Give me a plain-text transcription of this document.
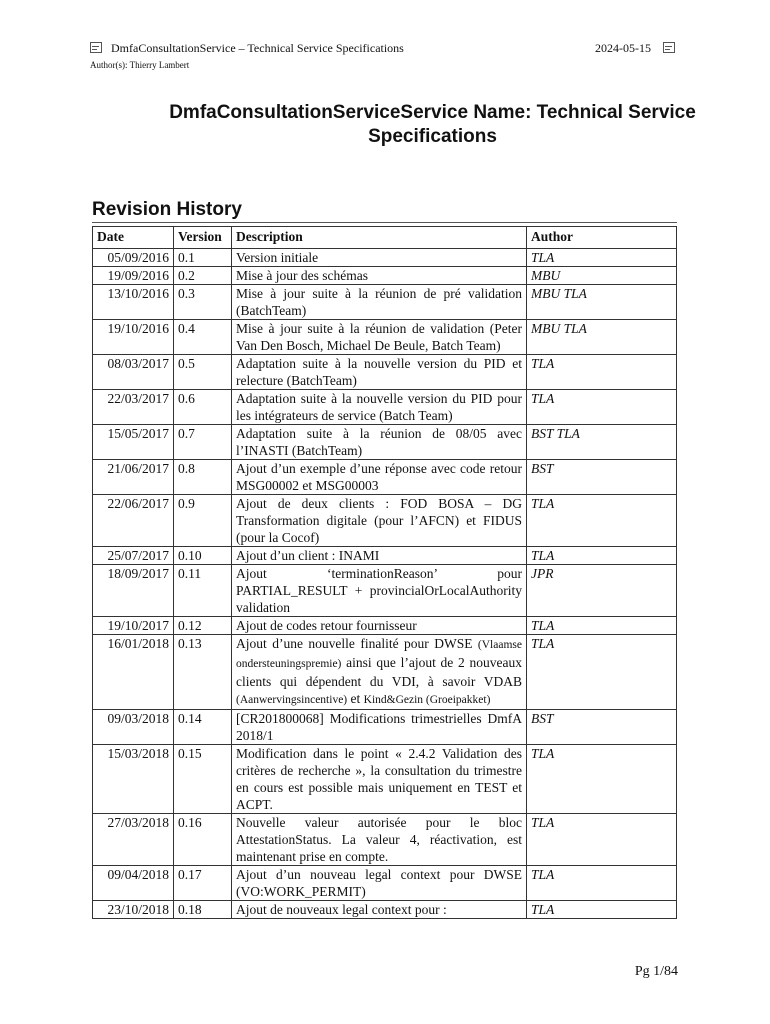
DmfaConsultationService – Technical Service Specifications	2024-05-15
Author(s): Thierry Lambert
DmfaConsultationServiceService Name: Technical Service Specifications
Revision History
Date	Version	Description	Author
05/09/2016	0.1	Version initiale	TLA
19/09/2016	0.2	Mise à jour des schémas	MBU
13/10/2016	0.3	Mise à jour suite à la réunion de pré validation (BatchTeam)	MBU TLA
19/10/2016	0.4	Mise à jour suite à la réunion de validation (Peter Van Den Bosch, Michael De Beule, Batch Team)	MBU TLA
08/03/2017	0.5	Adaptation suite à la nouvelle version du PID et relecture (BatchTeam)	TLA
22/03/2017	0.6	Adaptation suite à la nouvelle version du PID pour les intégrateurs de service (Batch Team)	TLA
15/05/2017	0.7	Adaptation suite à la réunion de 08/05 avec l’INASTI (BatchTeam)	BST TLA
21/06/2017	0.8	Ajout d’un exemple d’une réponse avec code retour MSG00002 et MSG00003	BST
22/06/2017	0.9	Ajout de deux clients : FOD BOSA – DG Transformation digitale (pour l’AFCN) et FIDUS (pour la Cocof)	TLA
25/07/2017	0.10	Ajout d’un client : INAMI	TLA
18/09/2017	0.11	Ajout ‘terminationReason’ pour PARTIAL_RESULT + provincialOrLocalAuthority validation	JPR
19/10/2017	0.12	Ajout de codes retour fournisseur	TLA
16/01/2018	0.13	Ajout d’une nouvelle finalité pour DWSE (Vlaamse ondersteuningspremie) ainsi que l’ajout de 2 nouveaux clients qui dépendent du VDI, à savoir VDAB (Aanwervingsincentive) et Kind&Gezin (Groeipakket)	TLA
09/03/2018	0.14	[CR201800068] Modifications trimestrielles DmfA 2018/1	BST
15/03/2018	0.15	Modification dans le point « 2.4.2 Validation des critères de recherche », la consultation du trimestre en cours est possible mais uniquement en TEST et ACPT.	TLA
27/03/2018	0.16	Nouvelle valeur autorisée pour le bloc AttestationStatus. La valeur 4, réactivation, est maintenant prise en compte.	TLA
09/04/2018	0.17	Ajout d’un nouveau legal context pour DWSE (VO:WORK_PERMIT)	TLA
23/10/2018	0.18	Ajout de nouveaux legal context pour :	TLA
Pg 1/84
